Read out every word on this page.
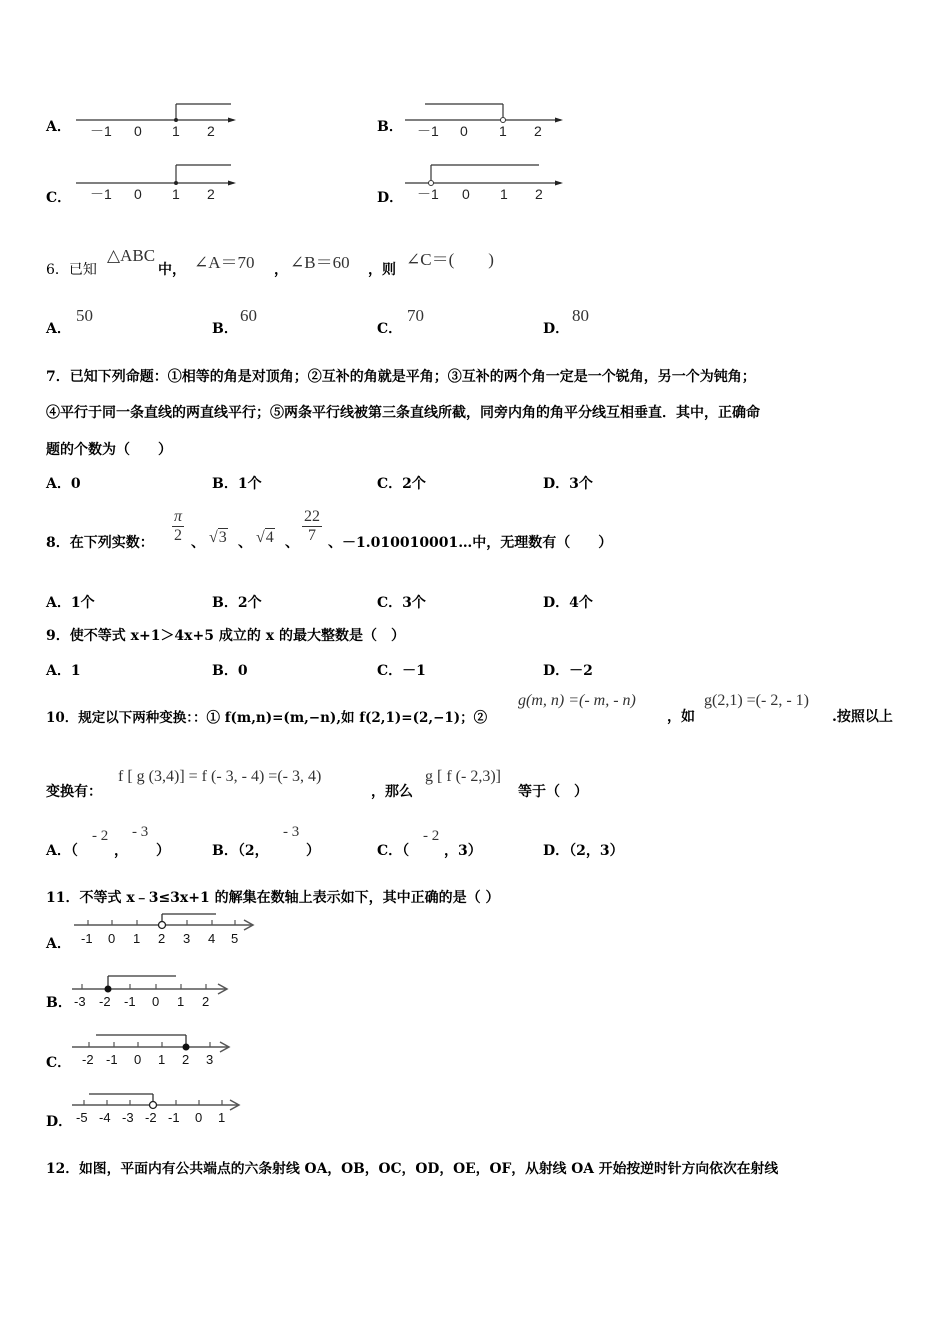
A． －1 0 1 2	B． －1 0 1 2
C． －1 0 1 2	D． －1 0 1 2
6．已知
△ABC
中， ∠A＝70 ， ∠B＝60 ，则
∠C＝(　　)
A．
50
B．
60
C．
70
D．
80
7．已知下列命题：①相等的角是对顶角；②互补的角就是平角；③互补的两个角一定是一个锐角，另一个为钝角；
④平行于同一条直线的两直线平行；⑤两条平行线被第三条直线所截，同旁内角的角平分线互相垂直．其中，正确命
题的个数为（　　）
A．0	B．1个	C．2个	D．3个
8．在下列实数： $\frac{\pi}{2}$ 、 √3 、 √4 、 $\frac{22}{7}$ 、－1.010010001…中，无理数有（　　）
A．1个	B．2个	C．3个	D．4个
9．使不等式 x+1＞4x+5 成立的 x 的最大整数是（　）
A．1	B．0	C．－1	D．－2
10．规定以下两种变换：：① f(m,n)=(m,−n),如 f(2,1)=(2,−1)；②
g(m, n) =(- m, - n)
，如
g(2,1) =(- 2, - 1)
.按照以上
变换有：
f [ g (3,4)] = f (- 3, - 4) =(- 3, 4)
，那么
g [ f (- 2,3)]
等于（　）
A．（
- 2
，
- 3
）	B．（2，
- 3
）	C．（
- 2
，3）	D．（2，3）
11．不等式 x﹣3≤3x+1 的解集在数轴上表示如下，其中正确的是（ ）
A． -1 0 1 2 3 4 5
B． -3 -2 -1 0 1 2
C． -2 -1 0 1 2 3
D． -5 -4 -3 -2 -1 0 1
12．如图，平面内有公共端点的六条射线 OA，OB，OC，OD，OE，OF，从射线 OA 开始按逆时针方向依次在射线
